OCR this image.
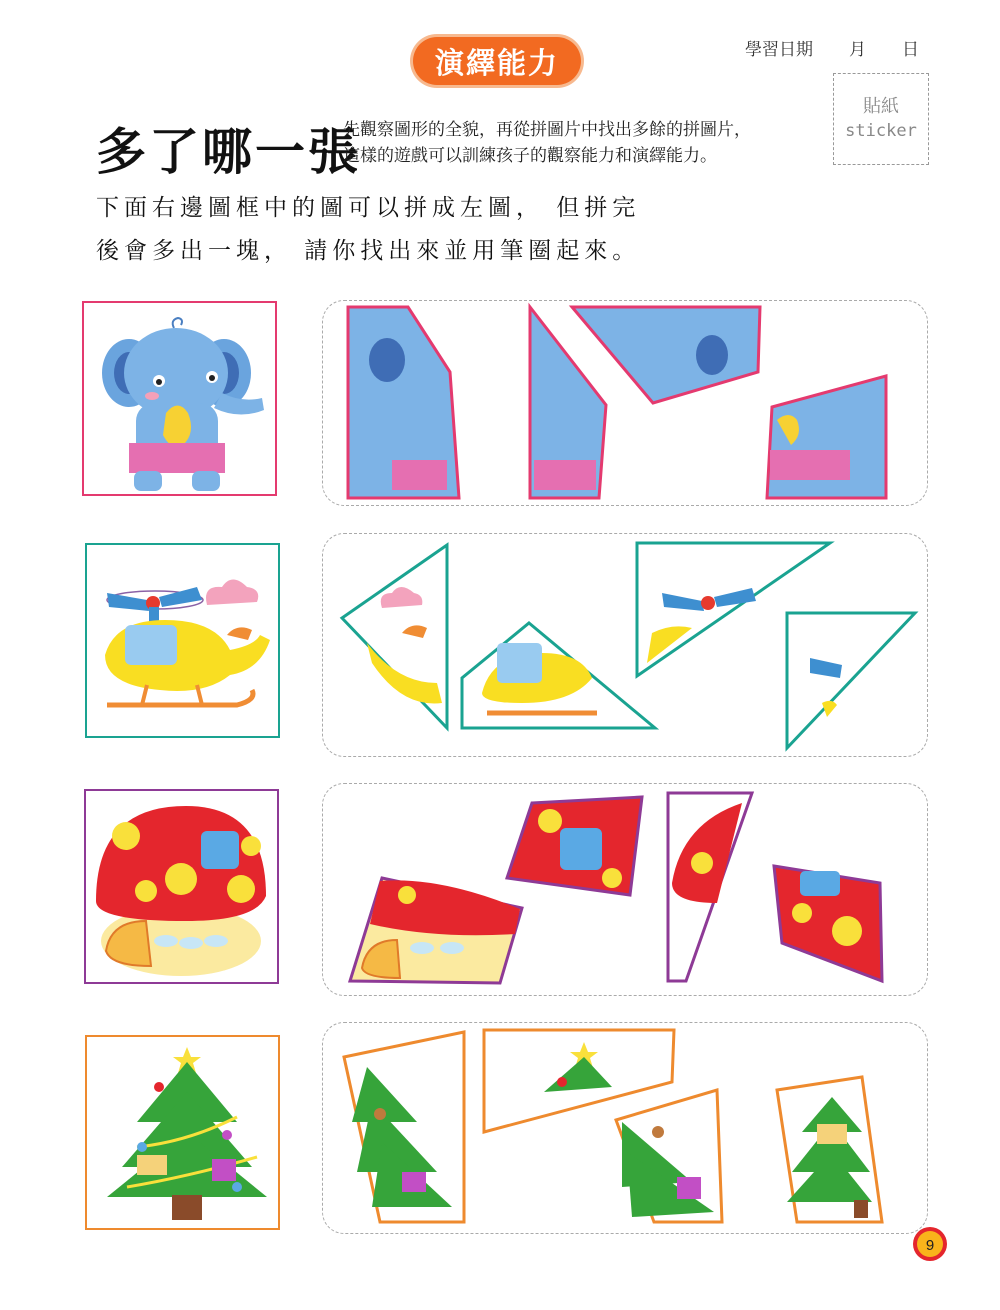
演繹能力	學習日期 月 日
貼紙
sticker
多了哪一張
先觀察圖形的全貌，再從拼圖片中找出多餘的拼圖片，
這樣的遊戲可以訓練孩子的觀察能力和演繹能力。
下面右邊圖框中的圖可以拼成左圖， 但拼完
後會多出一塊， 請你找出來並用筆圈起來。
9
